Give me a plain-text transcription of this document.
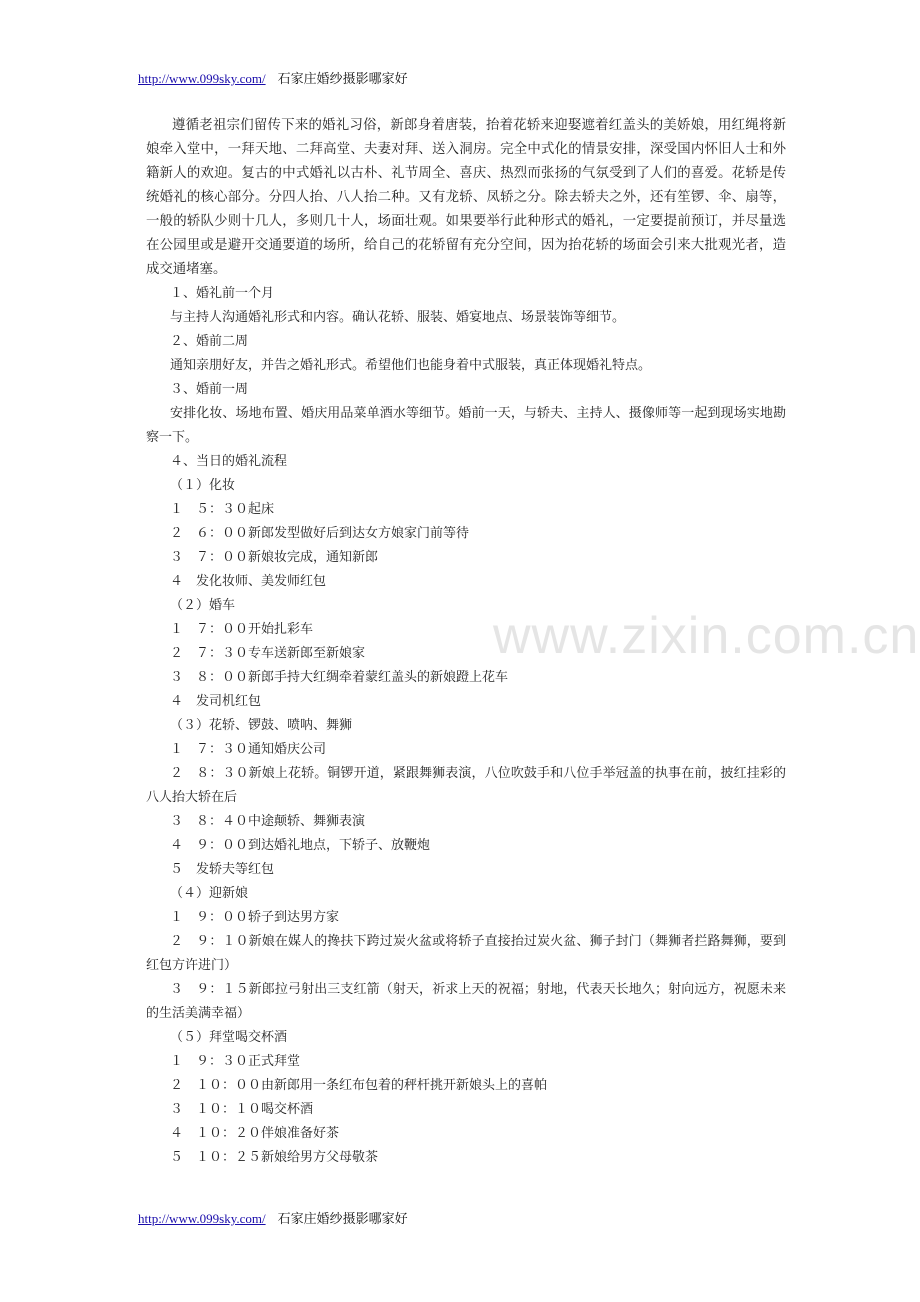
http://www.099sky.com/ 石家庄婚纱摄影哪家好
www.zixin.com.cn

遵循老祖宗们留传下来的婚礼习俗，新郎身着唐装，抬着花轿来迎娶遮着红盖头的美娇娘，用红绳将新娘牵入堂中，一拜天地、二拜高堂、夫妻对拜、送入洞房。完全中式化的情景安排，深受国内怀旧人士和外籍新人的欢迎。复古的中式婚礼以古朴、礼节周全、喜庆、热烈而张扬的气氛受到了人们的喜爱。花轿是传统婚礼的核心部分。分四人抬、八人抬二种。又有龙轿、凤轿之分。除去轿夫之外，还有笙锣、伞、扇等，一般的轿队少则十几人，多则几十人，场面壮观。如果要举行此种形式的婚礼，一定要提前预订，并尽量选在公园里或是避开交通要道的场所，给自己的花轿留有充分空间，因为抬花轿的场面会引来大批观光者，造成交通堵塞。

１、婚礼前一个月

与主持人沟通婚礼形式和内容。确认花轿、服装、婚宴地点、场景装饰等细节。

２、婚前二周

通知亲朋好友，并告之婚礼形式。希望他们也能身着中式服装，真正体现婚礼特点。

３、婚前一周

安排化妆、场地布置、婚庆用品菜单酒水等细节。婚前一天，与轿夫、主持人、摄像师等一起到现场实地勘察一下。

４、当日的婚礼流程

（１）化妆

１　５：３０起床

２　６：００新郎发型做好后到达女方娘家门前等待

３　７：００新娘妆完成，通知新郎

４　发化妆师、美发师红包

（２）婚车

１　７：００开始扎彩车

２　７：３０专车送新郎至新娘家

３　８：００新郎手持大红绸牵着蒙红盖头的新娘蹬上花车

４　发司机红包

（３）花轿、锣鼓、喷呐、舞狮

１　７：３０通知婚庆公司

２　８：３０新娘上花轿。铜锣开道，紧跟舞狮表演，八位吹鼓手和八位手举冠盖的执事在前，披红挂彩的八人抬大轿在后

３　８：４０中途颠轿、舞狮表演

４　９：００到达婚礼地点，下轿子、放鞭炮

５　发轿夫等红包

（４）迎新娘

１　９：００轿子到达男方家

２　９：１０新娘在媒人的搀扶下跨过炭火盆或将轿子直接抬过炭火盆、狮子封门（舞狮者拦路舞狮，要到红包方许进门）

３　９：１５新郎拉弓射出三支红箭（射天，祈求上天的祝福；射地，代表天长地久；射向远方，祝愿未来的生活美满幸福）

（５）拜堂喝交杯酒

１　９：３０正式拜堂

２　１０：００由新郎用一条红布包着的秤杆挑开新娘头上的喜帕

３　１０：１０喝交杯酒

４　１０：２０伴娘准备好茶

５　１０：２５新娘给男方父母敬茶

http://www.099sky.com/ 石家庄婚纱摄影哪家好
